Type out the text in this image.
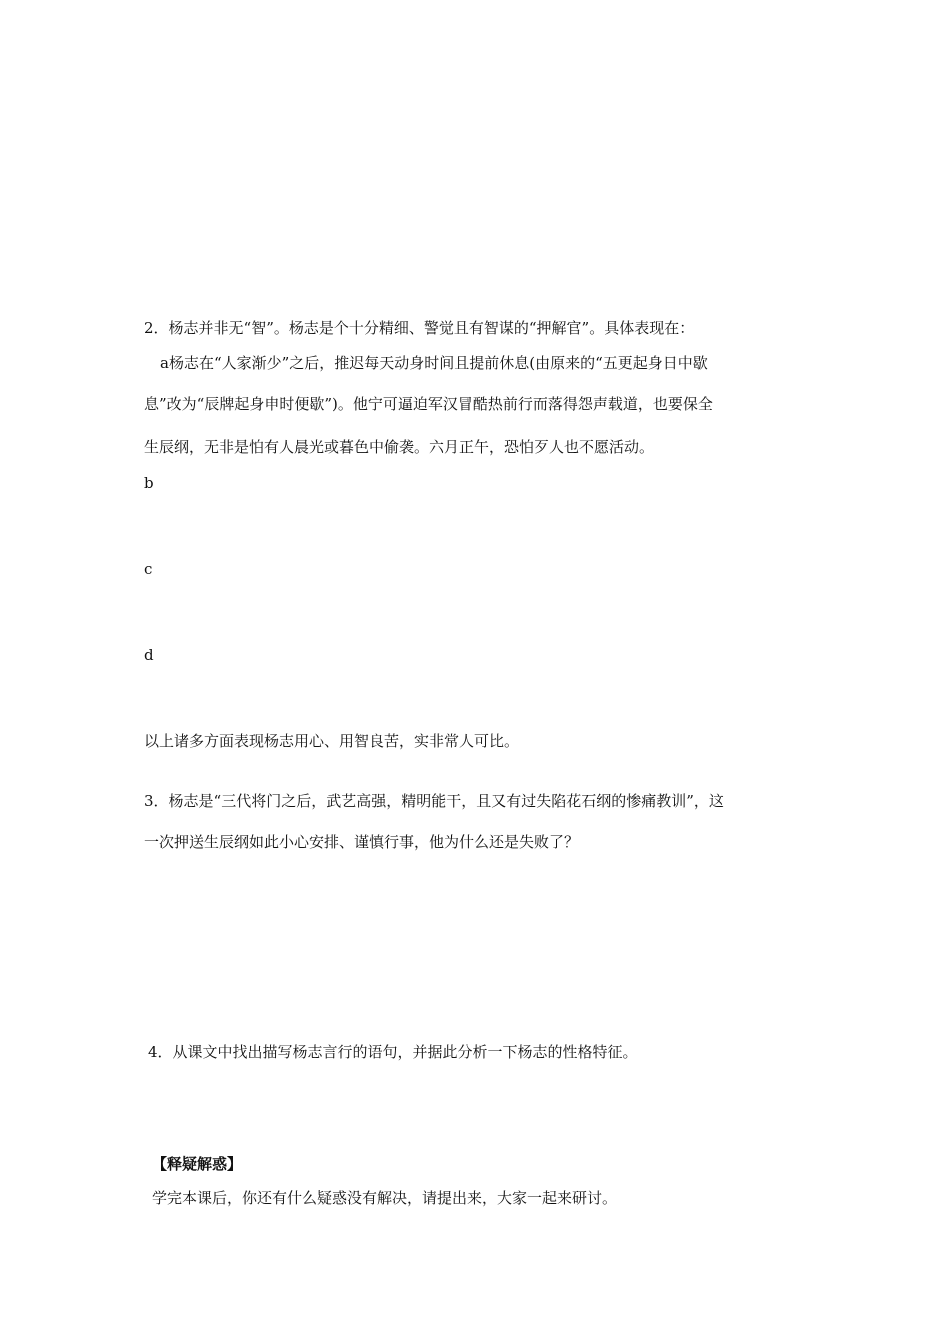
2．杨志并非无“智”。杨志是个十分精细、警觉且有智谋的“押解官”。具体表现在：
a杨志在“人家渐少”之后，推迟每天动身时间且提前休息(由原来的“五更起身日中歇
息”改为“辰牌起身申时便歇”)。他宁可逼迫军汉冒酷热前行而落得怨声载道，也要保全
生辰纲，无非是怕有人晨光或暮色中偷袭。六月正午，恐怕歹人也不愿活动。
b
c
d
以上诸多方面表现杨志用心、用智良苦，实非常人可比。
3．杨志是“三代将门之后，武艺高强，精明能干，且又有过失陷花石纲的惨痛教训”，这
一次押送生辰纲如此小心安排、谨慎行事，他为什么还是失败了？
4．从课文中找出描写杨志言行的语句，并据此分析一下杨志的性格特征。
【释疑解惑】
学完本课后，你还有什么疑惑没有解决，请提出来，大家一起来研讨。
